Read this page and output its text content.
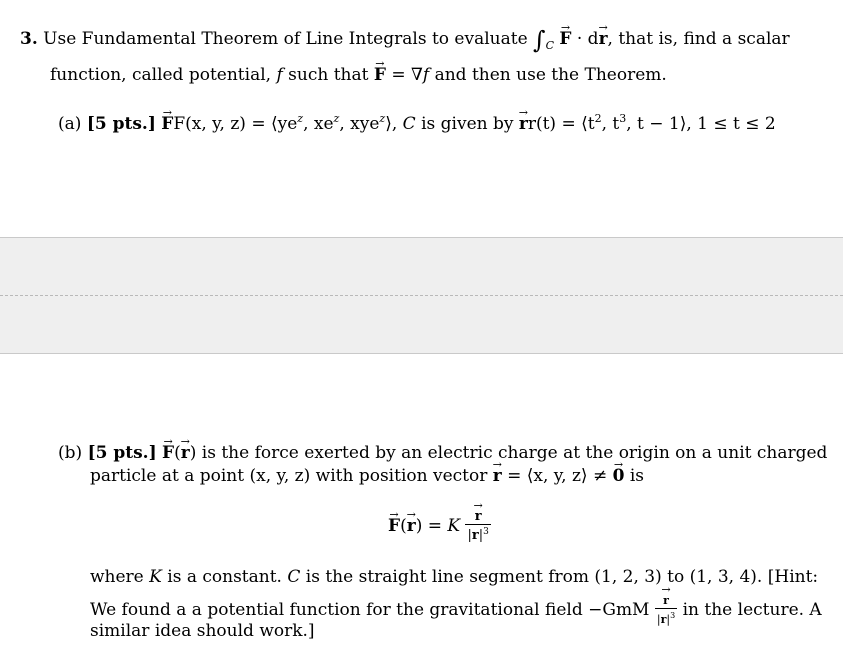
3. Use Fundamental Theorem of Line Integrals to evaluate $\int_C \to F \cdot d\to r$, that is, find a scalar
function, called potential, f such that → F = ∇f and then use the Theorem.
(a) [5 pts.] → FF(x, y, $z) = ⟨ye^z$, $xe^z$, xye$^z$⟩, C is given by → $rr(t) = ⟨t^2$, $t^3$, t − 1⟩, 1 ≤ t ≤ 2
(b) [5 pts.] → F(→ r) is the force exerted by an electric charge at the origin on a unit charged
particle at a point (x, y, z) with position vector → r = ⟨x, y, z⟩ ≠ → 0 is
→ F(→ r) = K
→ $\frac{r}{|r|^3}$
where K is a constant. C is the straight line segment from (1, 2, 3) to (1, 3, 4). [Hint:
We found a a potential function for the gravitational field −GmM
→ $\frac{r}{|r|^3}$ in the lecture. A
similar idea should work.]
